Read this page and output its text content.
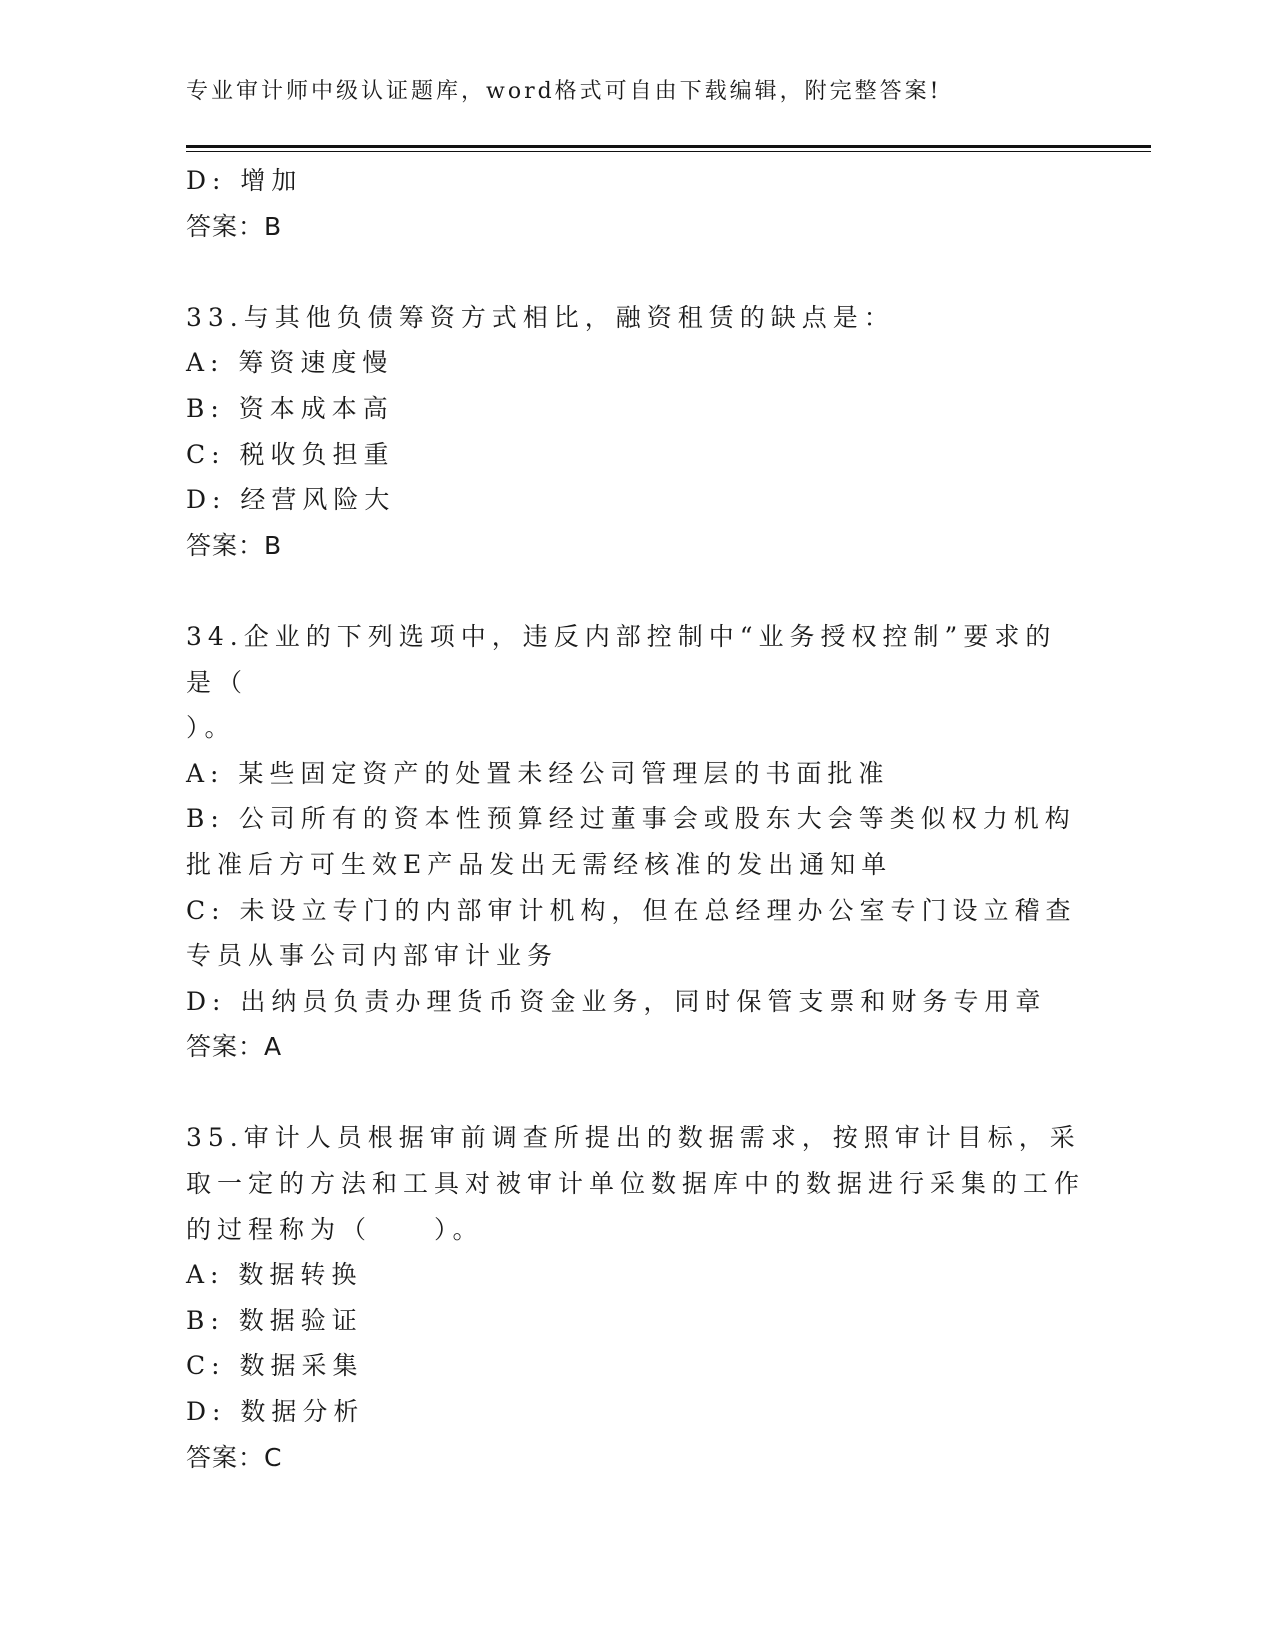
专业审计师中级认证题库，word格式可自由下载编辑，附完整答案!

D: 增加

答案：B

33.与其他负债筹资方式相比，融资租赁的缺点是：

A: 筹资速度慢

B: 资本成本高

C: 税收负担重

D: 经营风险大

答案：B

34.企业的下列选项中，违反内部控制中“业务授权控制”要求的是（

）。

A: 某些固定资产的处置未经公司管理层的书面批准

B: 公司所有的资本性预算经过董事会或股东大会等类似权力机构批准后方可生效E产品发出无需经核准的发出通知单

C: 未设立专门的内部审计机构，但在总经理办公室专门设立稽查专员从事公司内部审计业务

D: 出纳员负责办理货币资金业务，同时保管支票和财务专用章

答案：A

35.审计人员根据审前调查所提出的数据需求，按照审计目标，采取一定的方法和工具对被审计单位数据库中的数据进行采集的工作的过程称为（　　）。

A: 数据转换

B: 数据验证

C: 数据采集

D: 数据分析

答案：C
